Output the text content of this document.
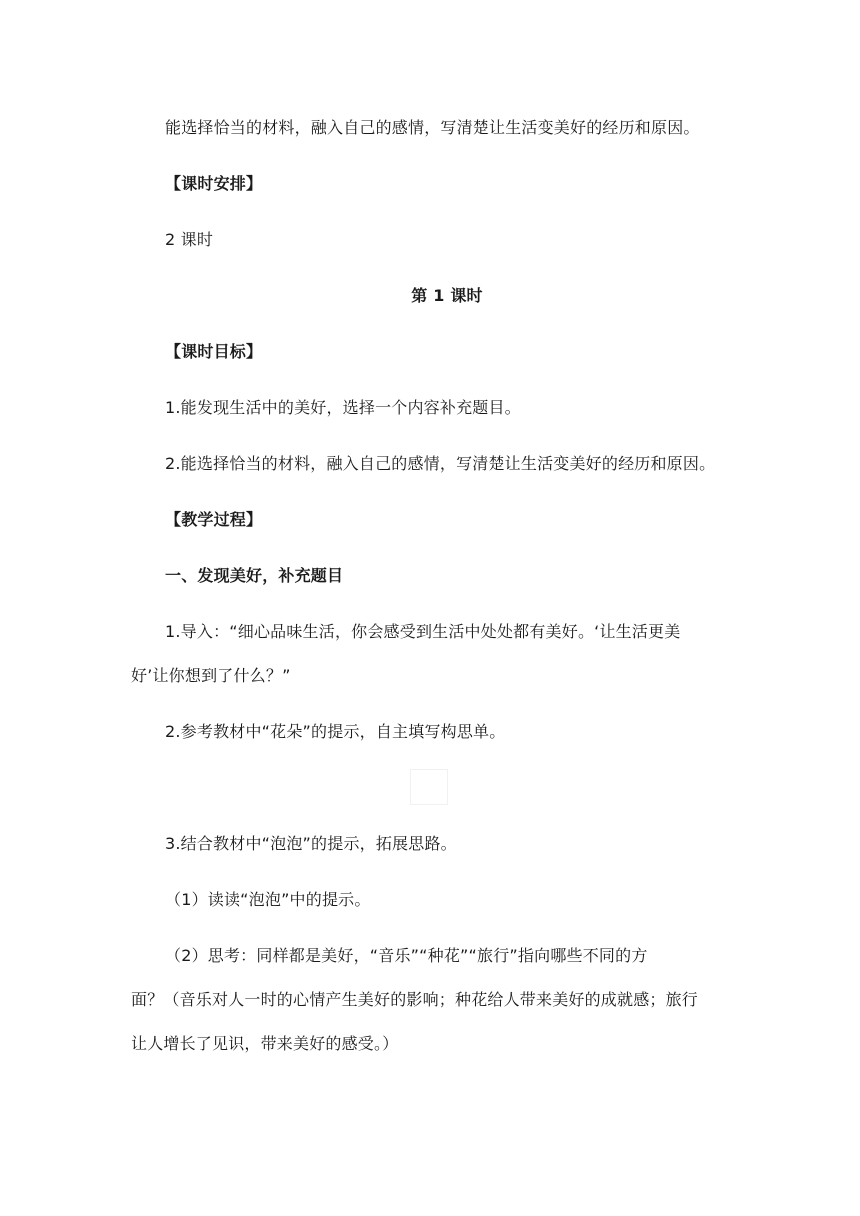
能选择恰当的材料，融入自己的感情，写清楚让生活变美好的经历和原因。
【课时安排】
2 课时
第 1 课时
【课时目标】
1.能发现生活中的美好，选择一个内容补充题目。
2.能选择恰当的材料，融入自己的感情，写清楚让生活变美好的经历和原因。
【教学过程】
一、发现美好，补充题目
1.导入：“细心品味生活，你会感受到生活中处处都有美好。‘让生活更美
好’让你想到了什么？”
2.参考教材中“花朵”的提示，自主填写构思单。
3.结合教材中“泡泡”的提示，拓展思路。
（1）读读“泡泡”中的提示。
（2）思考：同样都是美好，“音乐”“种花”“旅行”指向哪些不同的方
面？（音乐对人一时的心情产生美好的影响；种花给人带来美好的成就感；旅行
让人增长了见识，带来美好的感受。）
